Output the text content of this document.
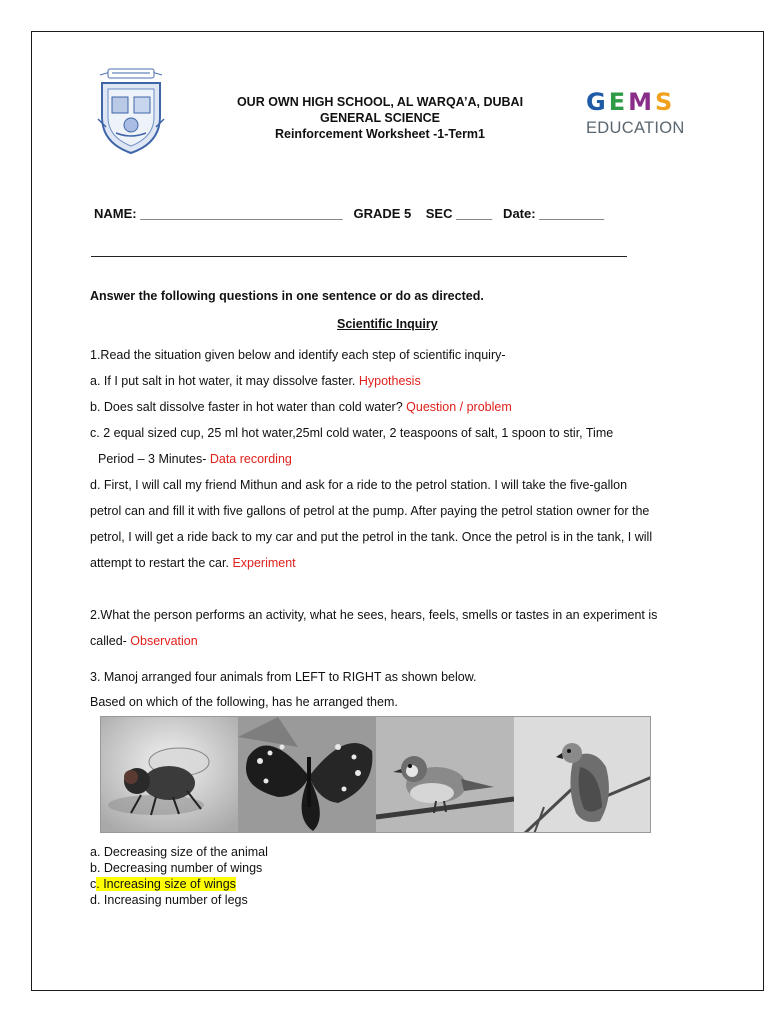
OUR OWN HIGH SCHOOL, AL WARQA’A, DUBAI
GENERAL SCIENCE
Reinforcement Worksheet -1-Term1
G E M S
EDUCATION
NAME: ____________________________   GRADE 5    SEC _____   Date: _________
Answer the following questions in one sentence or do as directed.
Scientific Inquiry
1.Read the situation given below and identify each step of scientific inquiry-
a. If I put salt in hot water, it may dissolve faster. Hypothesis
b. Does salt dissolve faster in hot water than cold water? Question / problem
c. 2 equal sized cup, 25 ml hot water,25ml cold water, 2 teaspoons of salt, 1 spoon to stir, Time
Period – 3 Minutes- Data recording
d. First, I will call my friend Mithun and ask for a ride to the petrol station. I will take the five-gallon
petrol can and fill it with five gallons of petrol at the pump. After paying the petrol station owner for the
petrol, I will get a ride back to my car and put the petrol in the tank. Once the petrol is in the tank, I will
attempt to restart the car. Experiment
2.What the person performs an activity, what he sees, hears, feels, smells or tastes in an experiment is
called- Observation
3. Manoj arranged four animals from LEFT to RIGHT as shown below.
Based on which of the following, has he arranged them.
a. Decreasing size of the animal
b. Decreasing number of wings
c. Increasing size of wings
d. Increasing number of legs
